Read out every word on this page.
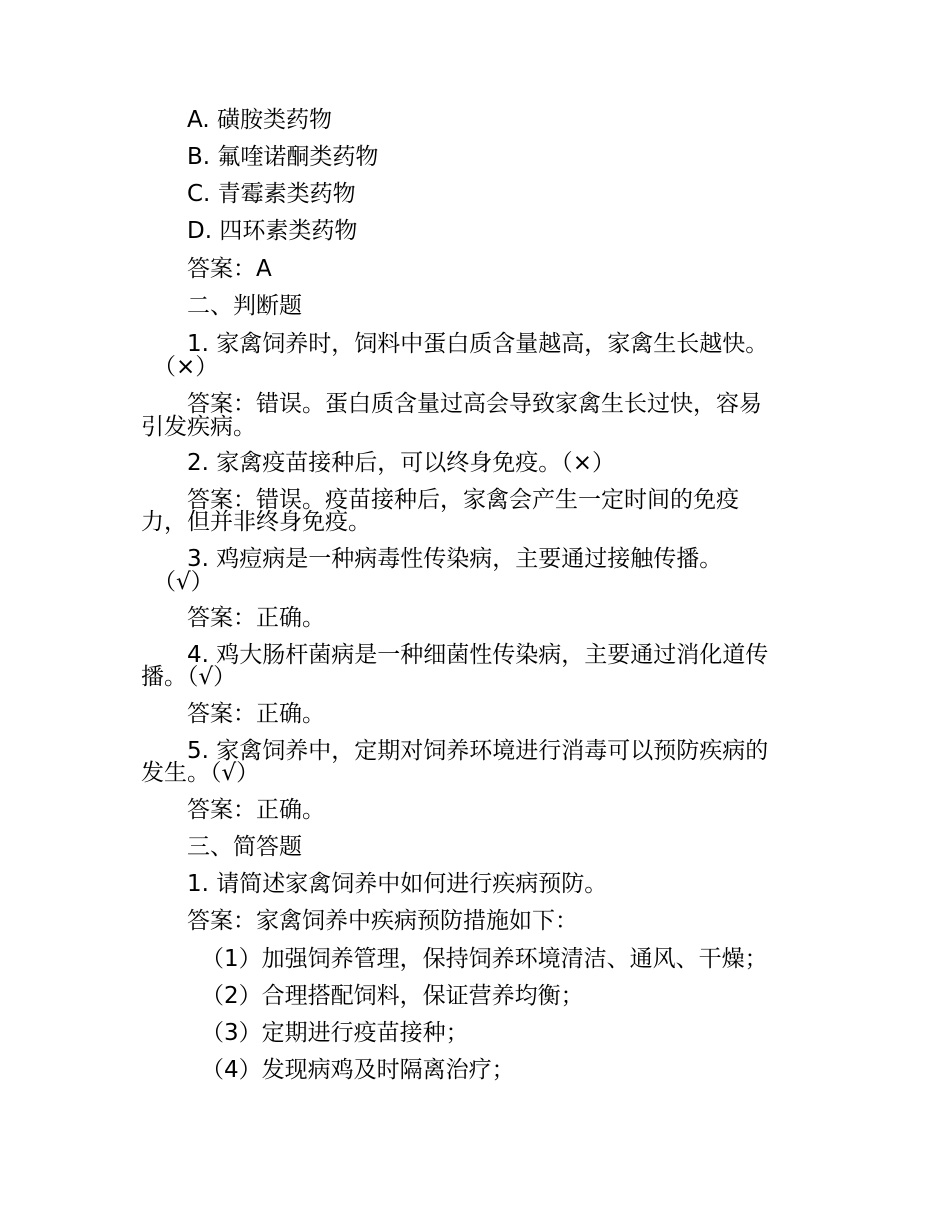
A. 磺胺类药物
B. 氟喹诺酮类药物
C. 青霉素类药物
D. 四环素类药物
答案：A
二、判断题
1. 家禽饲养时，饲料中蛋白质含量越高，家禽生长越快。
（×）
答案：错误。蛋白质含量过高会导致家禽生长过快，容易
引发疾病。
2. 家禽疫苗接种后，可以终身免疫。（×）
答案：错误。疫苗接种后，家禽会产生一定时间的免疫
力，但并非终身免疫。
3. 鸡痘病是一种病毒性传染病，主要通过接触传播。
（√）
答案：正确。
4. 鸡大肠杆菌病是一种细菌性传染病，主要通过消化道传
播。（√）
答案：正确。
5. 家禽饲养中，定期对饲养环境进行消毒可以预防疾病的
发生。（√）
答案：正确。
三、简答题
1. 请简述家禽饲养中如何进行疾病预防。
答案：家禽饲养中疾病预防措施如下：
（1）加强饲养管理，保持饲养环境清洁、通风、干燥；
（2）合理搭配饲料，保证营养均衡；
（3）定期进行疫苗接种；
（4）发现病鸡及时隔离治疗；
